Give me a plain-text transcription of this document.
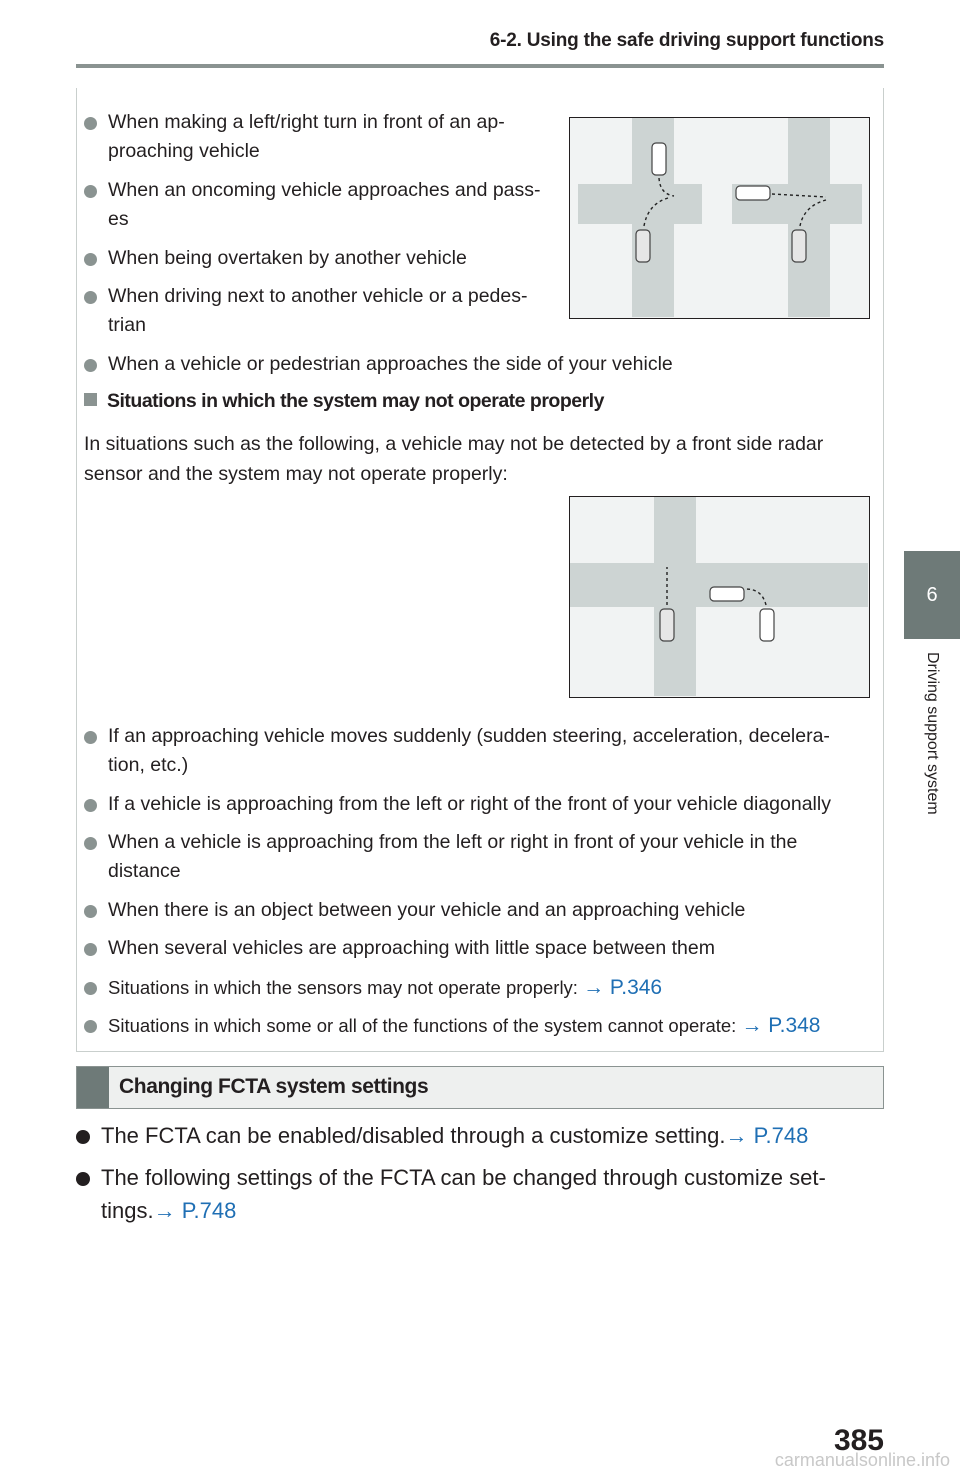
6-2. Using the safe driving support functions
6
Driving support system
When making a left/right turn in front of an ap-
proaching vehicle
When an oncoming vehicle approaches and pass-
es
When being overtaken by another vehicle
When driving next to another vehicle or a pedes-
trian
When a vehicle or pedestrian approaches the side of your vehicle
Situations in which the system may not operate properly
In situations such as the following, a vehicle may not be detected by a front side radar
sensor and the system may not operate properly:
If an approaching vehicle moves suddenly (sudden steering, acceleration, decelera-
tion, etc.)
If a vehicle is approaching from the left or right of the front of your vehicle diagonally
When a vehicle is approaching from the left or right in front of your vehicle in the
distance
When there is an object between your vehicle and an approaching vehicle
When several vehicles are approaching with little space between them
Situations in which the sensors may not operate properly: → P.346
Situations in which some or all of the functions of the system cannot operate: → P.348
Changing FCTA system settings
The FCTA can be enabled/disabled through a customize setting.→ P.748
The following settings of the FCTA can be changed through customize set-
tings.→ P.748
385
carmanualsonline.info
